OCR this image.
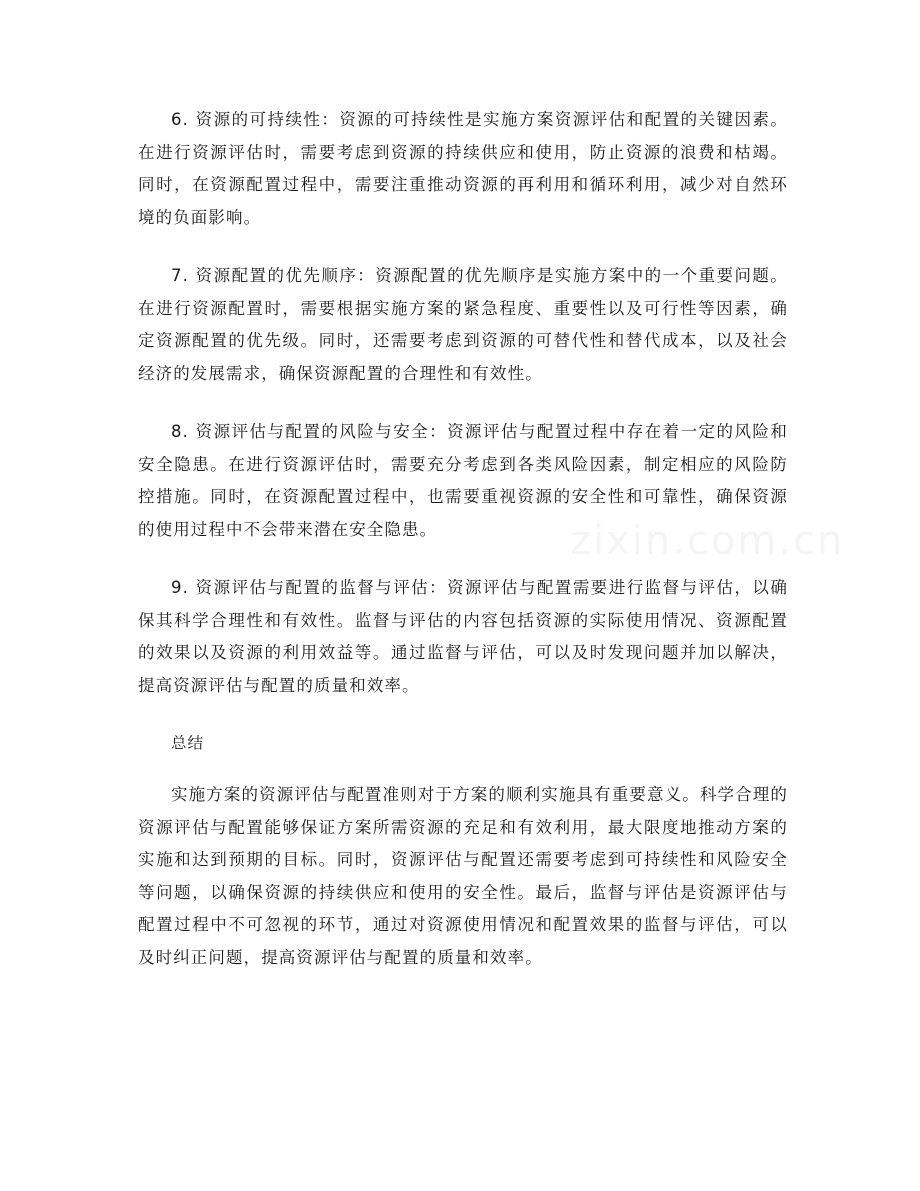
6. 资源的可持续性：资源的可持续性是实施方案资源评估和配置的关键因素。在进行资源评估时，需要考虑到资源的持续供应和使用，防止资源的浪费和枯竭。同时，在资源配置过程中，需要注重推动资源的再利用和循环利用，减少对自然环境的负面影响。

7. 资源配置的优先顺序：资源配置的优先顺序是实施方案中的一个重要问题。在进行资源配置时，需要根据实施方案的紧急程度、重要性以及可行性等因素，确定资源配置的优先级。同时，还需要考虑到资源的可替代性和替代成本，以及社会经济的发展需求，确保资源配置的合理性和有效性。

8. 资源评估与配置的风险与安全：资源评估与配置过程中存在着一定的风险和安全隐患。在进行资源评估时，需要充分考虑到各类风险因素，制定相应的风险防控措施。同时，在资源配置过程中，也需要重视资源的安全性和可靠性，确保资源的使用过程中不会带来潜在安全隐患。

9. 资源评估与配置的监督与评估：资源评估与配置需要进行监督与评估，以确保其科学合理性和有效性。监督与评估的内容包括资源的实际使用情况、资源配置的效果以及资源的利用效益等。通过监督与评估，可以及时发现问题并加以解决，提高资源评估与配置的质量和效率。

总结

实施方案的资源评估与配置准则对于方案的顺利实施具有重要意义。科学合理的资源评估与配置能够保证方案所需资源的充足和有效利用，最大限度地推动方案的实施和达到预期的目标。同时，资源评估与配置还需要考虑到可持续性和风险安全等问题，以确保资源的持续供应和使用的安全性。最后，监督与评估是资源评估与配置过程中不可忽视的环节，通过对资源使用情况和配置效果的监督与评估，可以及时纠正问题，提高资源评估与配置的质量和效率。

zixin.com.cn
